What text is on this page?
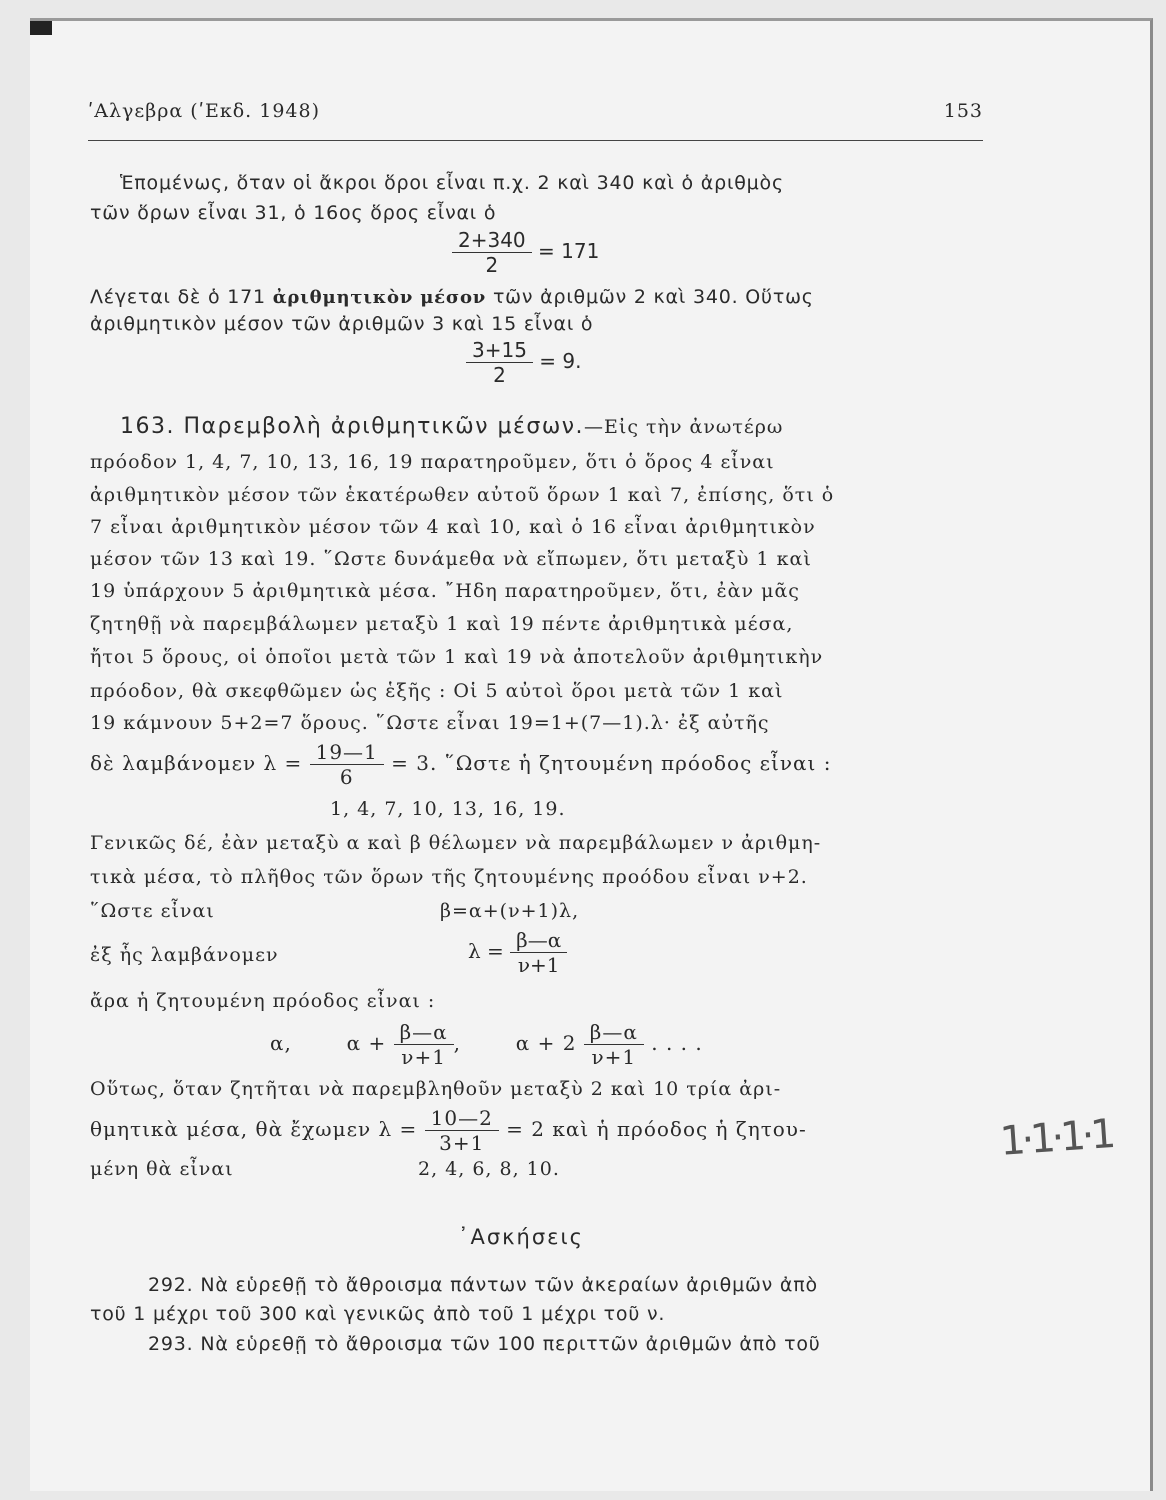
ʹΑλγεβρα (ʹΕκδ. 1948)	153
Ἑπομένως, ὅταν οἱ ἄκροι ὅροι εἶναι π.χ. 2 καὶ 340 καὶ ὁ ἀριθμὸς
τῶν ὅρων εἶναι 31, ὁ 16ος ὅρος εἶναι ὁ
$\frac{2+340}{2} = 171$
Λέγεται δὲ ὁ 171 ἀριθμητικὸν μέσον τῶν ἀριθμῶν 2 καὶ 340. Οὕτως
ἀριθμητικὸν μέσον τῶν ἀριθμῶν 3 καὶ 15 εἶναι ὁ
$\frac{3+15}{2} = 9$.
163. Παρεμβολὴ ἀριθμητικῶν μέσων.—Εἰς τὴν ἀνωτέρω
πρόοδον 1, 4, 7, 10, 13, 16, 19 παρατηροῦμεν, ὅτι ὁ ὅρος 4 εἶναι
ἀριθμητικὸν μέσον τῶν ἑκατέρωθεν αὐτοῦ ὅρων 1 καὶ 7, ἐπίσης, ὅτι ὁ
7 εἶναι ἀριθμητικὸν μέσον τῶν 4 καὶ 10, καὶ ὁ 16 εἶναι ἀριθμητικὸν
μέσον τῶν 13 καὶ 19. ῞Ωστε δυνάμεθα νὰ εἴπωμεν, ὅτι μεταξὺ 1 καὶ
19 ὑπάρχουν 5 ἀριθμητικὰ μέσα. ῎Ηδη παρατηροῦμεν, ὅτι, ἐὰν μᾶς
ζητηθῇ νὰ παρεμβάλωμεν μεταξὺ 1 καὶ 19 πέντε ἀριθμητικὰ μέσα,
ἤτοι 5 ὅρους, οἱ ὁποῖοι μετὰ τῶν 1 καὶ 19 νὰ ἀποτελοῦν ἀριθμητικὴν
πρόοδον, θὰ σκεφθῶμεν ὡς ἑξῆς : Οἱ 5 αὐτοὶ ὅροι μετὰ τῶν 1 καὶ
19 κάμνουν 5+2=7 ὅρους. ῞Ωστε εἶναι 19=1+(7—1).λ· ἐξ αὐτῆς
δὲ λαμβάνομεν $\lambda = \frac{19—1}{6} = 3$. ῞Ωστε ἡ ζητουμένη πρόοδος εἶναι :
1, 4, 7, 10, 13, 16, 19.
Γενικῶς δέ, ἐὰν μεταξὺ α καὶ β θέλωμεν νὰ παρεμβάλωμεν ν ἀριθμη-
τικὰ μέσα, τὸ πλῆθος τῶν ὅρων τῆς ζητουμένης προόδου εἶναι ν+2.
῞Ωστε εἶναι	β=α+(ν+1)λ,
ἐξ ἧς λαμβάνομεν	$\lambda = \frac{\beta—\alpha}{\nu+1}$
ἄρα ἡ ζητουμένη πρόοδος εἶναι :
α,	$\alpha + \frac{\beta—\alpha}{\nu+1}$ ,	$\alpha + 2 \frac{\beta—\alpha}{\nu+1}$ . . . .
Οὕτως, ὅταν ζητῆται νὰ παρεμβληθοῦν μεταξὺ 2 καὶ 10 τρία ἀρι-
θμητικὰ μέσα, θὰ ἔχωμεν $\lambda = \frac{10—2}{3+1} = 2$ καὶ ἡ πρόοδος ἡ ζητου-
μένη θὰ εἶναι	2, 4, 6, 8, 10.
᾿Ασκήσεις
292. Νὰ εὑρεθῇ τὸ ἄθροισμα πάντων τῶν ἀκεραίων ἀριθμῶν ἀπὸ
τοῦ 1 μέχρι τοῦ 300 καὶ γενικῶς ἀπὸ τοῦ 1 μέχρι τοῦ ν.
293. Νὰ εὑρεθῇ τὸ ἄθροισμα τῶν 100 περιττῶν ἀριθμῶν ἀπὸ τοῦ
1·1·1·1
